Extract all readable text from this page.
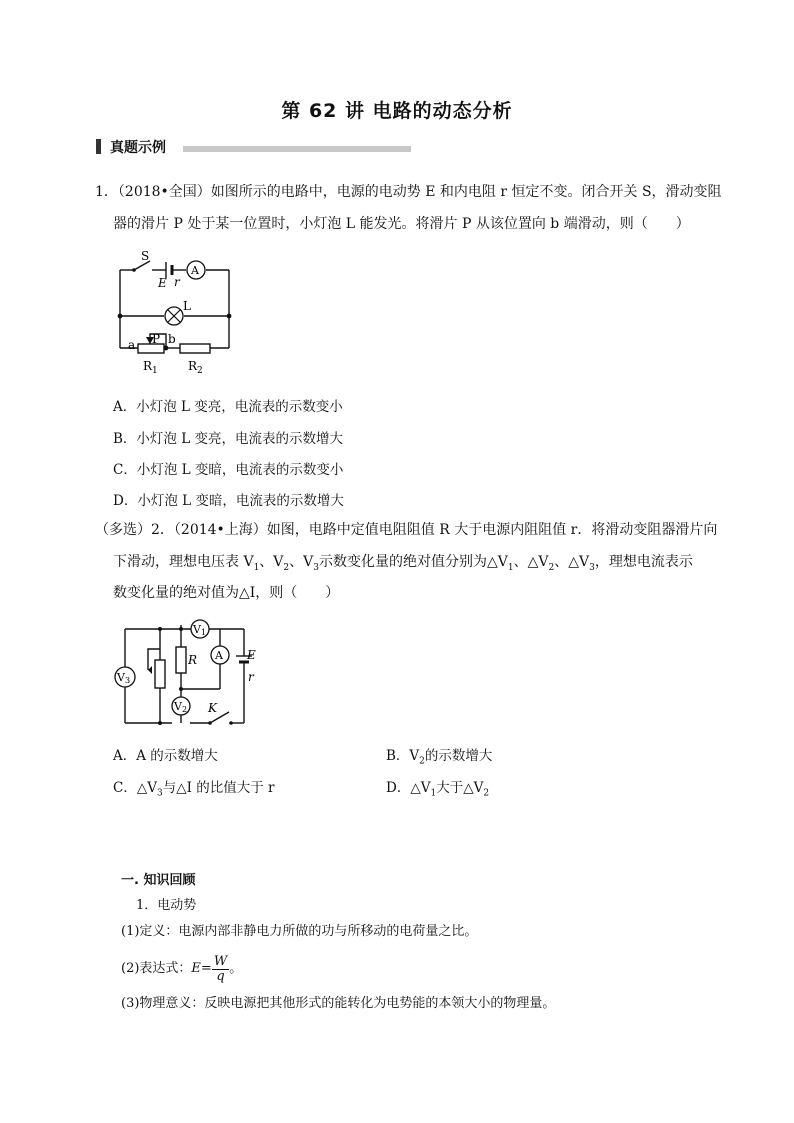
第 62 讲 电路的动态分析
真题示例
1．（2018•全国）如图所示的电路中，电源的电动势 E 和内电阻 r 恒定不变。闭合开关 S，滑动变阻
器的滑片 P 处于某一位置时，小灯泡 L 能发光。将滑片 P 从该位置向 b 端滑动，则（　　）
S
E r
A
L
P
a	b
$R_1$	$R_2$
A．小灯泡 L 变亮，电流表的示数变小
B．小灯泡 L 变亮，电流表的示数增大
C．小灯泡 L 变暗，电流表的示数变小
D．小灯泡 L 变暗，电流表的示数增大
（多选）2．（2014•上海）如图，电路中定值电阻阻值 R 大于电源内阻阻值 r．将滑动变阻器滑片向
下滑动，理想电压表 $V_1$、$V_2$、$V_3$示数变化量的绝对值分别为$\triangle V_1$、$\triangle V_2$、$\triangle V_3$，理想电流表示
数变化量的绝对值为△I，则（　　）
V1
V3
V2
A
R	E
r
K
A．A 的示数增大	B．$V_2$的示数增大
C．$\triangle V_3$与△I 的比值大于 r	D．$\triangle V_1$大于$\triangle V_2$
一. 知识回顾
1．电动势
(1)定义：电源内部非静电力所做的功与所移动的电荷量之比。
(2)表达式： $E= \frac{W}{q}$ 。
(3)物理意义：反映电源把其他形式的能转化为电势能的本领大小的物理量。
